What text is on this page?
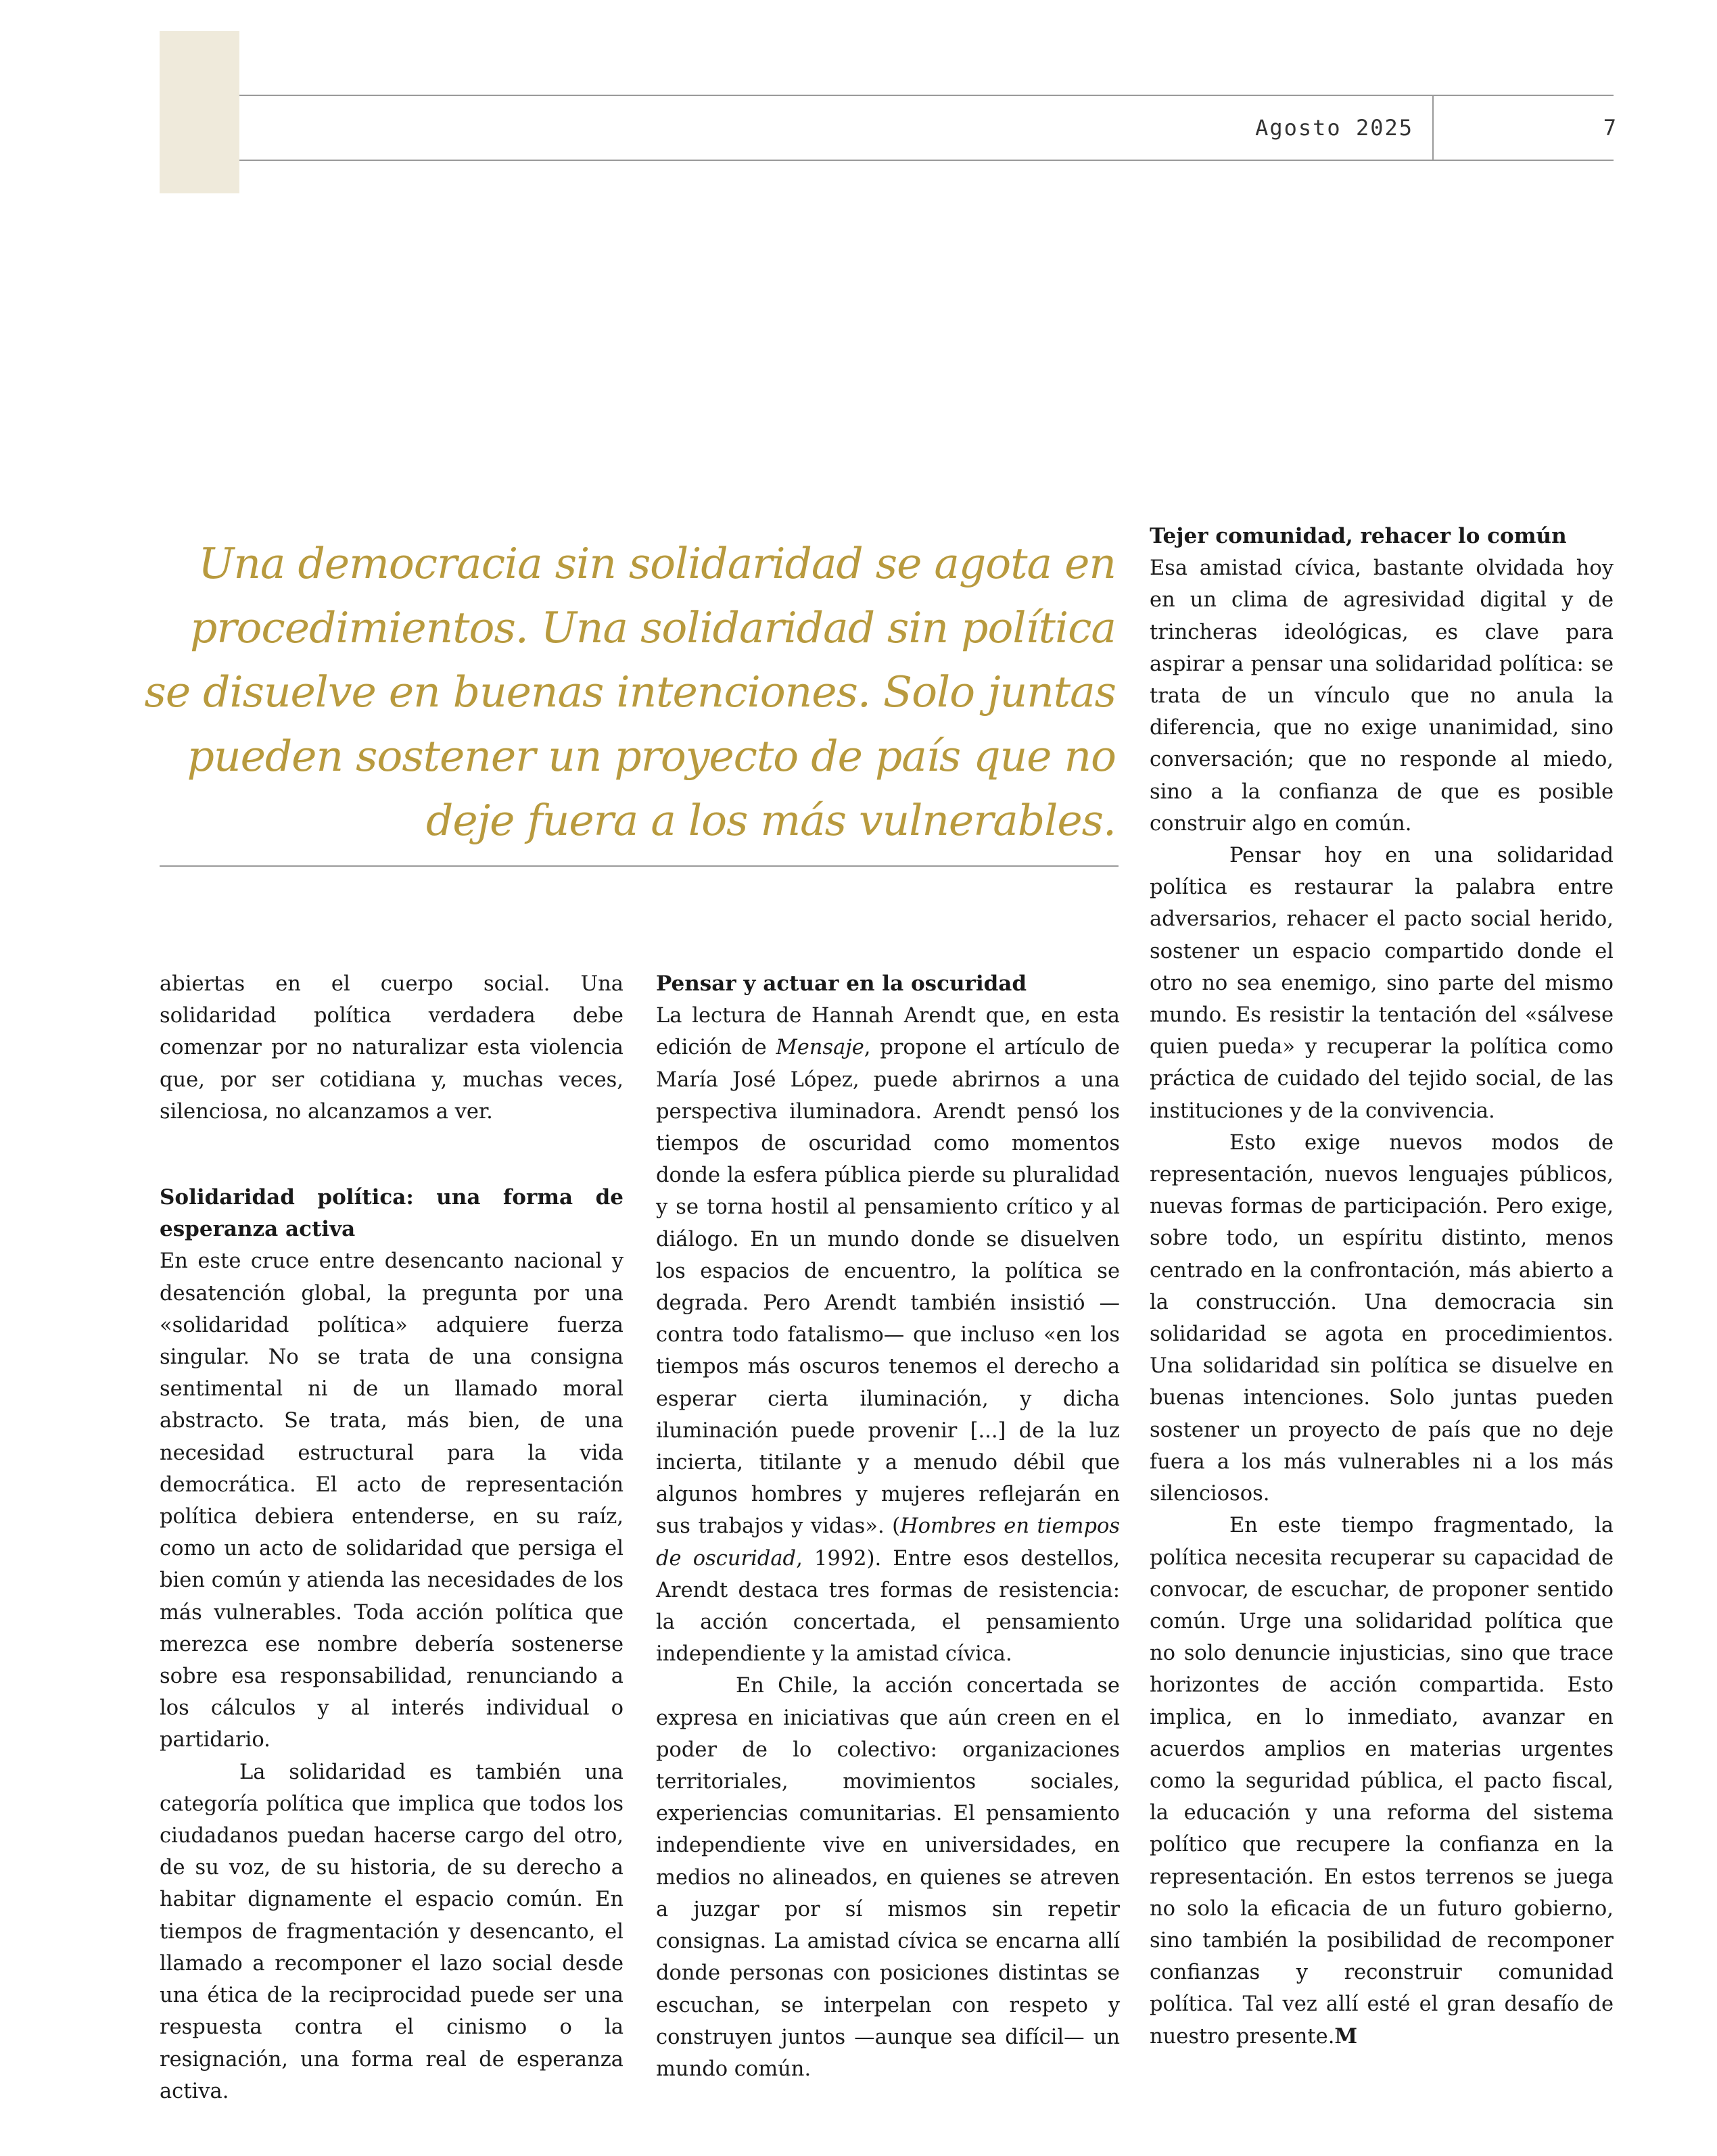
Agosto 2025	7
Una democracia sin solidaridad se agota en procedimientos. Una solidaridad sin política se disuelve en buenas intenciones. Solo juntas pueden sostener un proyecto de país que no deje fuera a los más vulnerables.

abiertas en el cuerpo social. Una solidaridad política verdadera debe comenzar por no naturalizar esta violencia que, por ser cotidiana y, muchas veces, silenciosa, no alcanzamos a ver.

Solidaridad política: una forma de esperanza activa

En este cruce entre desencanto nacional y desatención global, la pregunta por una «solidaridad política» adquiere fuerza singular. No se trata de una consigna sentimental ni de un llamado moral abstracto. Se trata, más bien, de una necesidad estructural para la vida democrática. El acto de representación política debiera entenderse, en su raíz, como un acto de solidaridad que persiga el bien común y atienda las necesidades de los más vulnerables. Toda acción política que merezca ese nombre debería sostenerse sobre esa responsabilidad, renunciando a los cálculos y al interés individual o partidario.

La solidaridad es también una categoría política que implica que todos los ciudadanos puedan hacerse cargo del otro, de su voz, de su historia, de su derecho a habitar dignamente el espacio común. En tiempos de fragmentación y desencanto, el llamado a recomponer el lazo social desde una ética de la reciprocidad puede ser una respuesta contra el cinismo o la resignación, una forma real de esperanza activa.

Pensar y actuar en la oscuridad

La lectura de Hannah Arendt que, en esta edición de Mensaje, propone el artículo de María José López, puede abrirnos a una perspectiva iluminadora. Arendt pensó los tiempos de oscuridad como momentos donde la esfera pública pierde su pluralidad y se torna hostil al pensamiento crítico y al diálogo. En un mundo donde se disuelven los espacios de encuentro, la política se degrada. Pero Arendt también insistió —contra todo fatalismo— que incluso «en los tiempos más oscuros tenemos el derecho a esperar cierta iluminación, y dicha iluminación puede provenir [...] de la luz incierta, titilante y a menudo débil que algunos hombres y mujeres reflejarán en sus trabajos y vidas». (Hombres en tiempos de oscuridad, 1992). Entre esos destellos, Arendt destaca tres formas de resistencia: la acción concertada, el pensamiento independiente y la amistad cívica.

En Chile, la acción concertada se expresa en iniciativas que aún creen en el poder de lo colectivo: organizaciones territoriales, movimientos sociales, experiencias comunitarias. El pensamiento independiente vive en universidades, en medios no alineados, en quienes se atreven a juzgar por sí mismos sin repetir consignas. La amistad cívica se encarna allí donde personas con posiciones distintas se escuchan, se interpelan con respeto y construyen juntos —aunque sea difícil— un mundo común.

Tejer comunidad, rehacer lo común

Esa amistad cívica, bastante olvidada hoy en un clima de agresividad digital y de trincheras ideológicas, es clave para aspirar a pensar una solidaridad política: se trata de un vínculo que no anula la diferencia, que no exige unanimidad, sino conversación; que no responde al miedo, sino a la confianza de que es posible construir algo en común.

Pensar hoy en una solidaridad política es restaurar la palabra entre adversarios, rehacer el pacto social herido, sostener un espacio compartido donde el otro no sea enemigo, sino parte del mismo mundo. Es resistir la tentación del «sálvese quien pueda» y recuperar la política como práctica de cuidado del tejido social, de las instituciones y de la convivencia.

Esto exige nuevos modos de representación, nuevos lenguajes públicos, nuevas formas de participación. Pero exige, sobre todo, un espíritu distinto, menos centrado en la confrontación, más abierto a la construcción. Una democracia sin solidaridad se agota en procedimientos. Una solidaridad sin política se disuelve en buenas intenciones. Solo juntas pueden sostener un proyecto de país que no deje fuera a los más vulnerables ni a los más silenciosos.

En este tiempo fragmentado, la política necesita recuperar su capacidad de convocar, de escuchar, de proponer sentido común. Urge una solidaridad política que no solo denuncie injusticias, sino que trace horizontes de acción compartida. Esto implica, en lo inmediato, avanzar en acuerdos amplios en materias urgentes como la seguridad pública, el pacto fiscal, la educación y una reforma del sistema político que recupere la confianza en la representación. En estos terrenos se juega no solo la eficacia de un futuro gobierno, sino también la posibilidad de recomponer confianzas y reconstruir comunidad política. Tal vez allí esté el gran desafío de nuestro presente.M
